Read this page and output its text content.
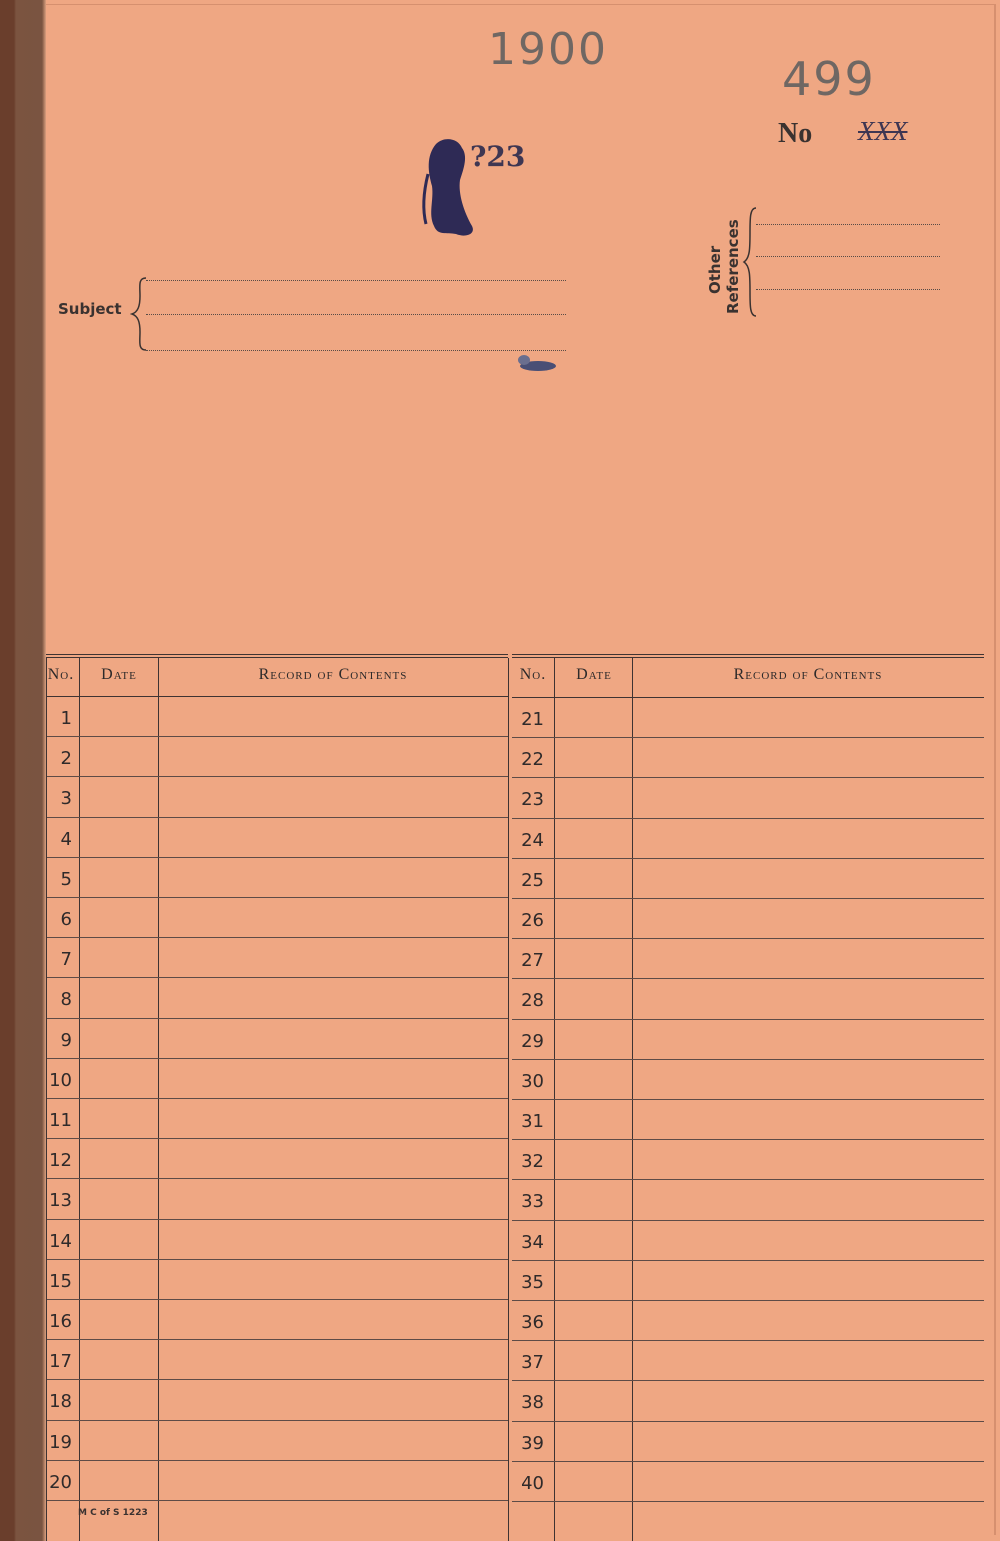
1900
499
No XXX
?23
Subject
Other References
No.	Date	Record of Contents
1
2
3
4
5
6
7
8
9
10
11
12
13
14
15
16
17
18
19
20
No.	Date	Record of Contents
21
22
23
24
25
26
27
28
29
30
31
32
33
34
35
36
37
38
39
40
M C of S 1223
